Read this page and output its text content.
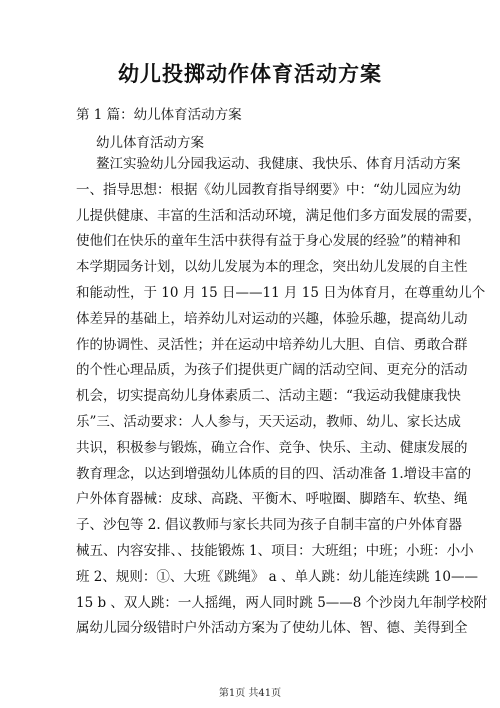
幼儿投掷动作体育活动方案
第 1 篇：幼儿体育活动方案
幼儿体育活动方案
鳌江实验幼儿分园我运动、我健康、我快乐、体育月活动方案
一、指导思想：根据《幼儿园教育指导纲要》中：“幼儿园应为幼
儿提供健康、丰富的生活和活动环境，满足他们多方面发展的需要，
使他们在快乐的童年生活中获得有益于身心发展的经验”的精神和
本学期园务计划，以幼儿发展为本的理念，突出幼儿发展的自主性
和能动性，于 10 月 15 日——11 月 15 日为体育月，在尊重幼儿个
体差异的基础上，培养幼儿对运动的兴趣，体验乐趣，提高幼儿动
作的协调性、灵活性；并在运动中培养幼儿大胆、自信、勇敢合群
的个性心理品质，为孩子们提供更广阔的活动空间、更充分的活动
机会，切实提高幼儿身体素质二、活动主题：“我运动我健康我快
乐”三、活动要求：人人参与，天天运动，教师、幼儿、家长达成
共识，积极参与锻炼，确立合作、竞争、快乐、主动、健康发展的
教育理念，以达到增强幼儿体质的目的四、活动准备 1.增设丰富的
户外体育器械：皮球、高跷、平衡木、呼啦圈、脚踏车、软垫、绳
子、沙包等 2. 倡议教师与家长共同为孩子自制丰富的户外体育器
械五、内容安排、、技能锻炼 1、项目：大班组；中班；小班：小小
班 2、规则：①、大班《跳绳》 a 、单人跳：幼儿能连续跳 10——
15 b 、双人跳：一人摇绳，两人同时跳 5——8 个沙岗九年制学校附
属幼儿园分级错时户外活动方案为了使幼儿体、智、德、美得到全
第1页 共41页
